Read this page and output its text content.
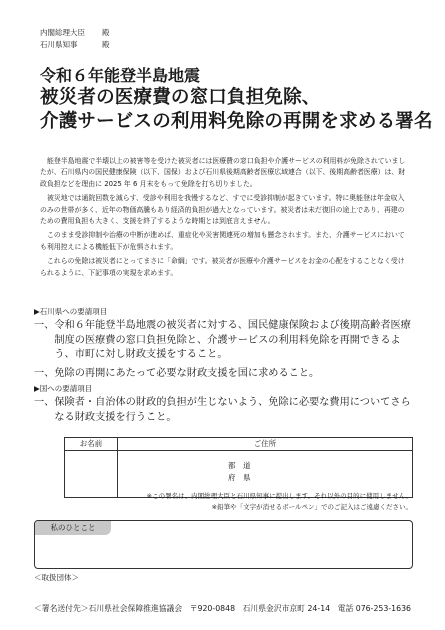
内閣総理大臣 殿
石川県知事	殿
令和６年能登半島地震
被災者の医療費の窓口負担免除、
介護サービスの利用料免除の再開を求める署名

能登半島地震で半壊以上の被害等を受けた被災者には医療費の窓口負担や介護サービスの利用料が免除されていましたが、石川県内の国民健康保険（以下、国保）および石川県後期高齢者医療広域連合（以下、後期高齢者医療）は、財政負担などを理由に 2025 年 6 月末をもって免除を打ち切りました。

被災地では通院回数を減らす、受診や利用を我慢するなど、すでに受診抑制が起きています。特に奥能登は年金収入のみの世帯が多く、近年の物価高騰もあり経済的負担が過大となっています。被災者は未だ復旧の途上であり、再建のための費用負担も大きく、支援を終了するような時期とは到底言えません。

このまま受診抑制や治療の中断が進めば、重症化や災害関連死の増加も懸念されます。また、介護サービスにおいても利用控えによる機能低下が危惧されます。

これらの免除は被災者にとってまさに「命綱」です。被災者が医療や介護サービスをお金の心配をすることなく受けられるように、下記事項の実現を求めます。

▶石川県への要請項目
一、 令和６年能登半島地震の被災者に対する、国民健康保険および後期高齢者医療制度の医療費の窓口負担免除と、介護サービスの利用料免除を再開できるよう、市町に対し財政支援をすること。
一、 免除の再開にあたって必要な財政支援を国に求めること。
▶国への要請項目
一、 保険者・自治体の財政的負担が生じないよう、免除に必要な費用についてさらなる財政支援を行うこと。
お名前	ご住所
都　道
府　県
※この署名は、内閣総理大臣と石川県知事に提出します。それ以外の目的に使用しません。
※鉛筆や「文字が消せるボールペン」でのご記入はご遠慮ください。
私のひとこと
＜取扱団体＞
＜署名送付先＞石川県社会保障推進協議会 〒920-0848 石川県金沢市京町 24-14 電話 076-253-1636
